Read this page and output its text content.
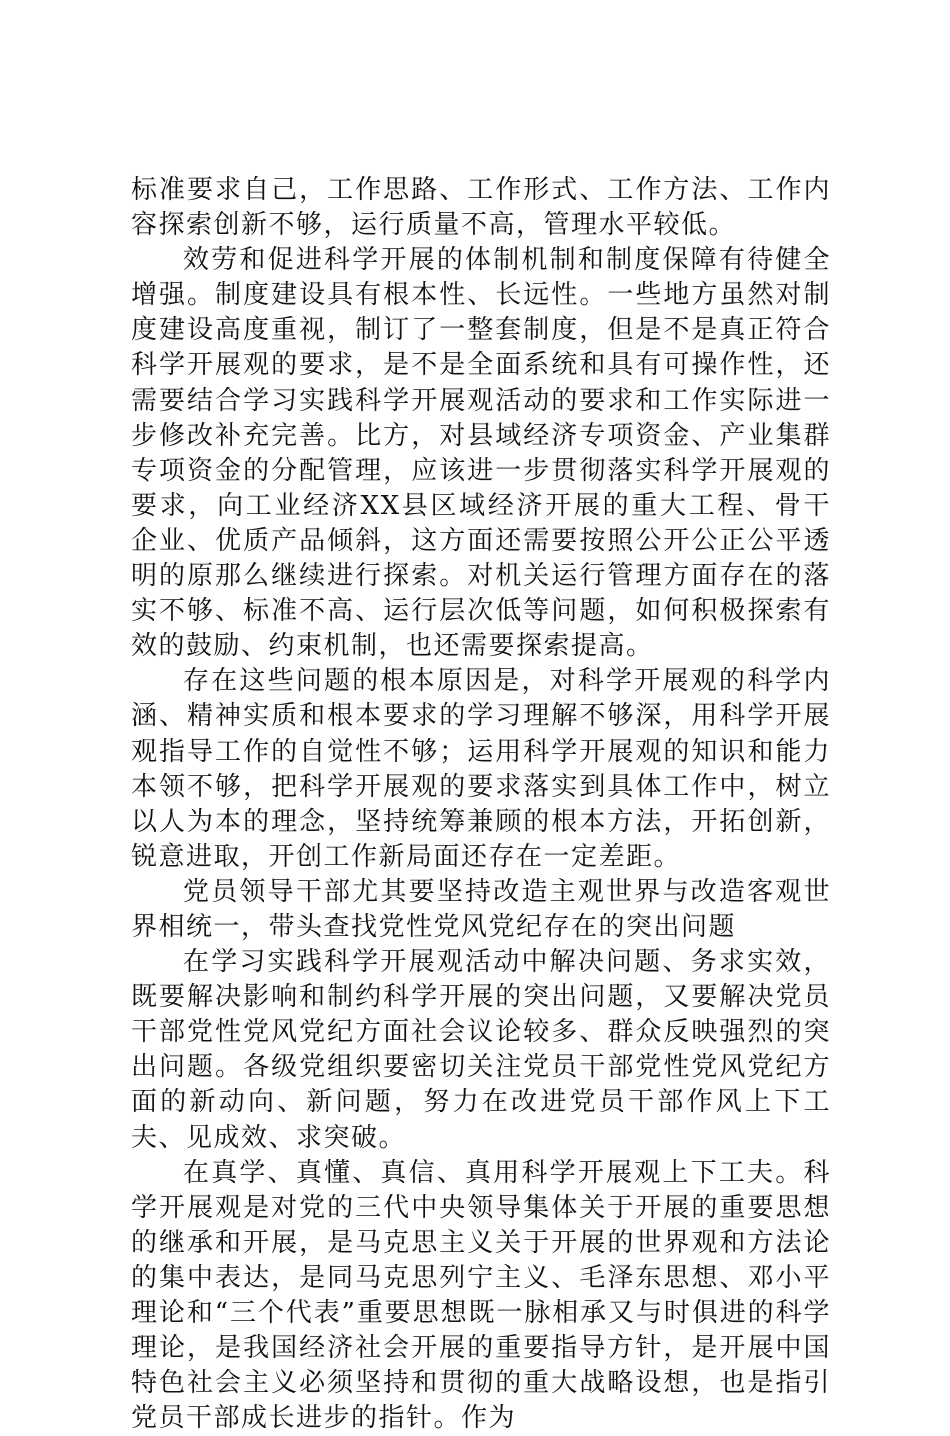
标准要求自己，工作思路、工作形式、工作方法、工作内容探索创新不够，运行质量不高，管理水平较低。

效劳和促进科学开展的体制机制和制度保障有待健全增强。制度建设具有根本性、长远性。一些地方虽然对制度建设高度重视，制订了一整套制度，但是不是真正符合科学开展观的要求，是不是全面系统和具有可操作性，还需要结合学习实践科学开展观活动的要求和工作实际进一步修改补充完善。比方，对县域经济专项资金、产业集群专项资金的分配管理，应该进一步贯彻落实科学开展观的要求，向工业经济XX县区域经济开展的重大工程、骨干企业、优质产品倾斜，这方面还需要按照公开公正公平透明的原那么继续进行探索。对机关运行管理方面存在的落实不够、标准不高、运行层次低等问题，如何积极探索有效的鼓励、约束机制，也还需要探索提高。

存在这些问题的根本原因是，对科学开展观的科学内涵、精神实质和根本要求的学习理解不够深，用科学开展观指导工作的自觉性不够；运用科学开展观的知识和能力本领不够，把科学开展观的要求落实到具体工作中，树立以人为本的理念，坚持统筹兼顾的根本方法，开拓创新，锐意进取，开创工作新局面还存在一定差距。

党员领导干部尤其要坚持改造主观世界与改造客观世界相统一，带头查找党性党风党纪存在的突出问题

在学习实践科学开展观活动中解决问题、务求实效，既要解决影响和制约科学开展的突出问题，又要解决党员干部党性党风党纪方面社会议论较多、群众反映强烈的突出问题。各级党组织要密切关注党员干部党性党风党纪方面的新动向、新问题，努力在改进党员干部作风上下工夫、见成效、求突破。

在真学、真懂、真信、真用科学开展观上下工夫。科学开展观是对党的三代中央领导集体关于开展的重要思想的继承和开展，是马克思主义关于开展的世界观和方法论的集中表达，是同马克思列宁主义、毛泽东思想、邓小平理论和“三个代表”重要思想既一脉相承又与时俱进的科学理论，是我国经济社会开展的重要指导方针，是开展中国特色社会主义必须坚持和贯彻的重大战略设想，也是指引党员干部成长进步的指针。作为
